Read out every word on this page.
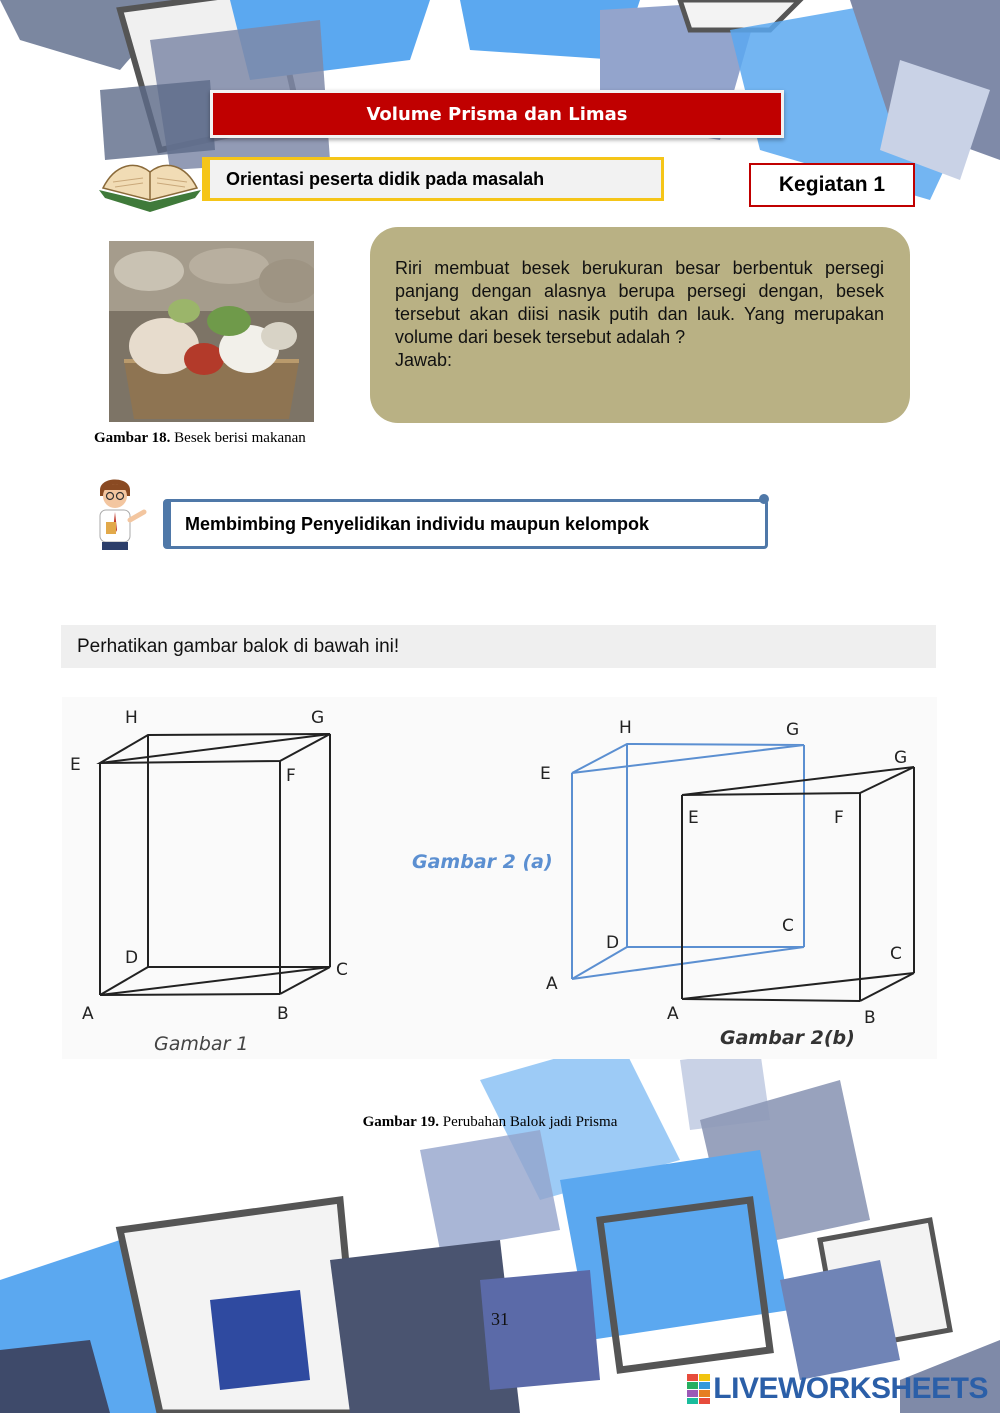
Volume Prisma dan Limas
Orientasi peserta didik pada masalah	Kegiatan 1
Gambar 18. Besek berisi makanan

Riri membuat besek berukuran besar berbentuk persegi panjang dengan alasnya berupa persegi dengan, besek tersebut akan diisi nasik putih dan lauk. Yang merupakan volume dari besek tersebut adalah ?

Jawab:
Membimbing Penyelidikan individu maupun kelompok
Perhatikan gambar balok di bawah ini!
H	G
E
F
D
C
A	B
Gambar 1
H	G
E
D
C
A
G
E	F
C
A	B
Gambar 2 (a)
Gambar 2(b)
Gambar 19. Perubahan Balok jadi Prisma
31
LIVEWORKSHEETS
